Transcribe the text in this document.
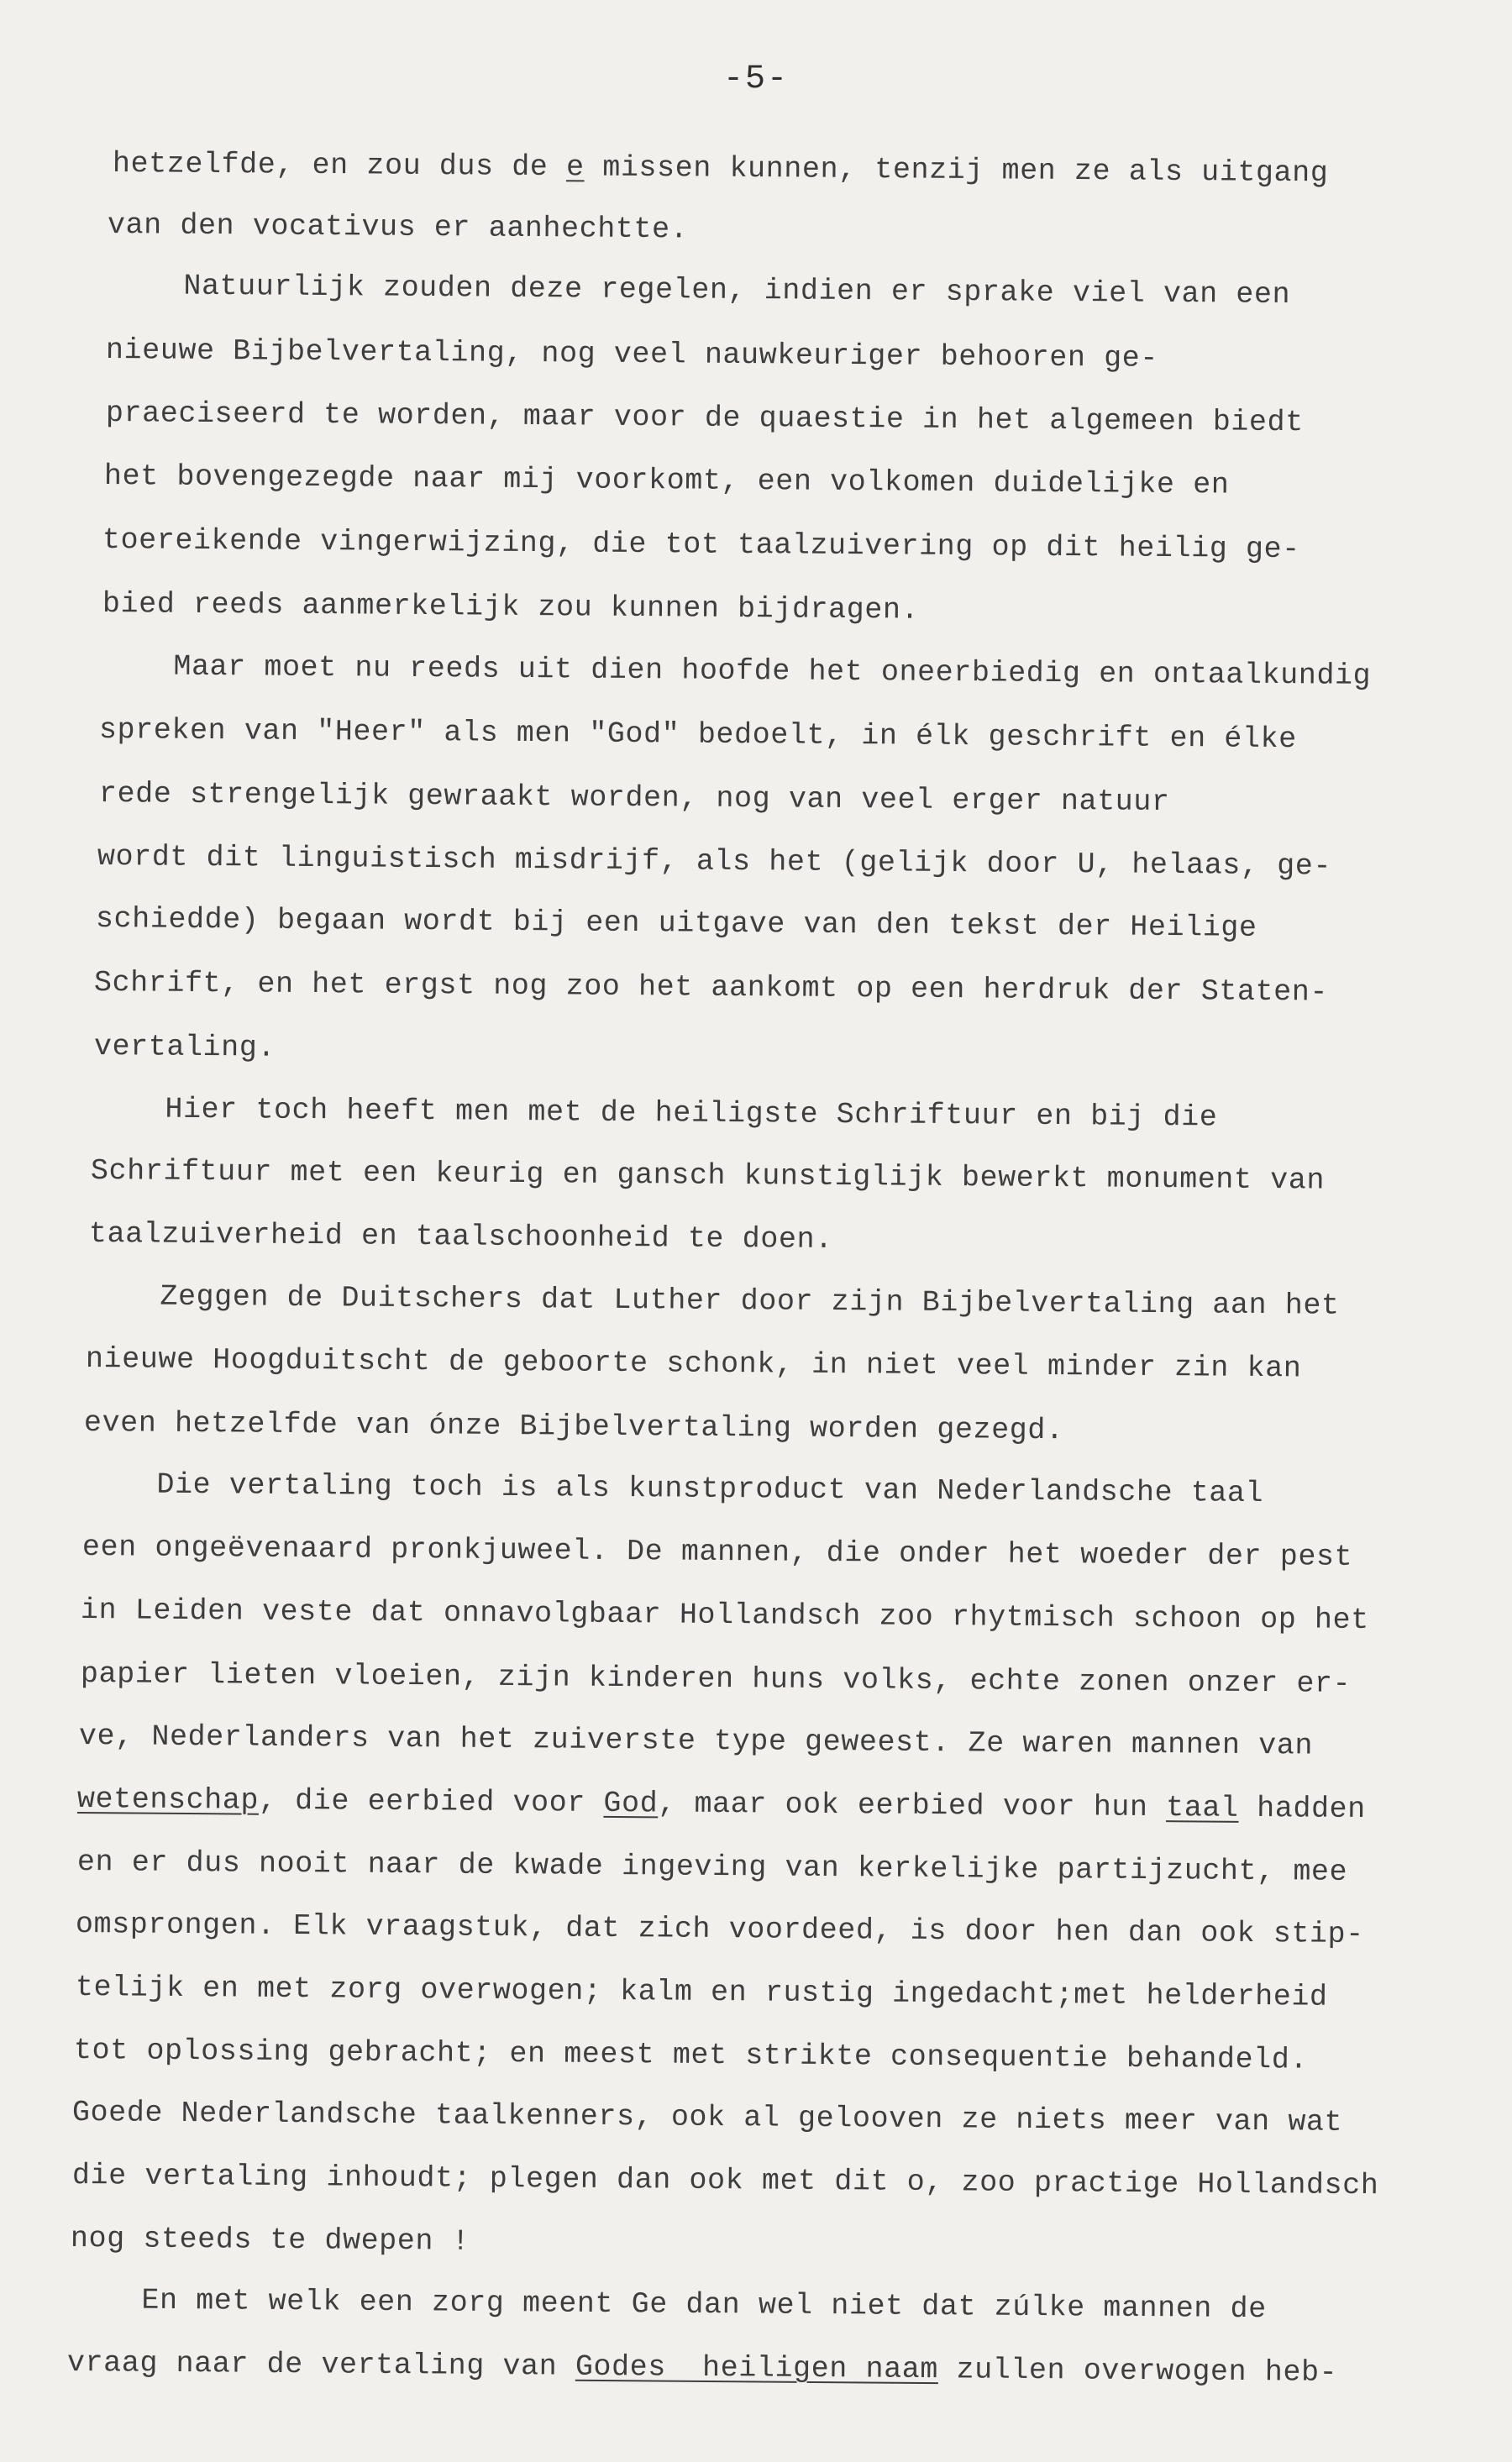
-5-
hetzelfde, en zou dus de e missen kunnen, tenzij men ze als uitgang
van den vocativus er aanhechtte.
Natuurlijk zouden deze regelen, indien er sprake viel van een
nieuwe Bijbelvertaling, nog veel nauwkeuriger behooren ge-
praeciseerd te worden, maar voor de quaestie in het algemeen biedt
het bovengezegde naar mij voorkomt, een volkomen duidelijke en
toereikende vingerwijzing, die tot taalzuivering op dit heilig ge-
bied reeds aanmerkelijk zou kunnen bijdragen.
Maar moet nu reeds uit dien hoofde het oneerbiedig en ontaalkundig
spreken van "Heer" als men "God" bedoelt, in élk geschrift en élke
rede strengelijk gewraakt worden, nog van veel erger natuur
wordt dit linguistisch misdrijf, als het (gelijk door U, helaas, ge-
schiedde) begaan wordt bij een uitgave van den tekst der Heilige
Schrift, en het ergst nog zoo het aankomt op een herdruk der Staten-
vertaling.
Hier toch heeft men met de heiligste Schriftuur en bij die
Schriftuur met een keurig en gansch kunstiglijk bewerkt monument van
taalzuiverheid en taalschoonheid te doen.
Zeggen de Duitschers dat Luther door zijn Bijbelvertaling aan het
nieuwe Hoogduitscht de geboorte schonk, in niet veel minder zin kan
even hetzelfde van ónze Bijbelvertaling worden gezegd.
Die vertaling toch is als kunstproduct van Nederlandsche taal
een ongeëvenaard pronkjuweel. De mannen, die onder het woeder der pest
in Leiden veste dat onnavolgbaar Hollandsch zoo rhytmisch schoon op het
papier lieten vloeien, zijn kinderen huns volks, echte zonen onzer er-
ve, Nederlanders van het zuiverste type geweest. Ze waren mannen van
wetenschap, die eerbied voor God, maar ook eerbied voor hun taal hadden
en er dus nooit naar de kwade ingeving van kerkelijke partijzucht, mee
omsprongen. Elk vraagstuk, dat zich voordeed, is door hen dan ook stip-
telijk en met zorg overwogen; kalm en rustig ingedacht;met helderheid
tot oplossing gebracht; en meest met strikte consequentie behandeld.
Goede Nederlandsche taalkenners, ook al gelooven ze niets meer van wat
die vertaling inhoudt; plegen dan ook met dit o, zoo practige Hollandsch
nog steeds te dwepen !
En met welk een zorg meent Ge dan wel niet dat zúlke mannen de
vraag naar de vertaling van Godes  heiligen naam zullen overwogen heb-
